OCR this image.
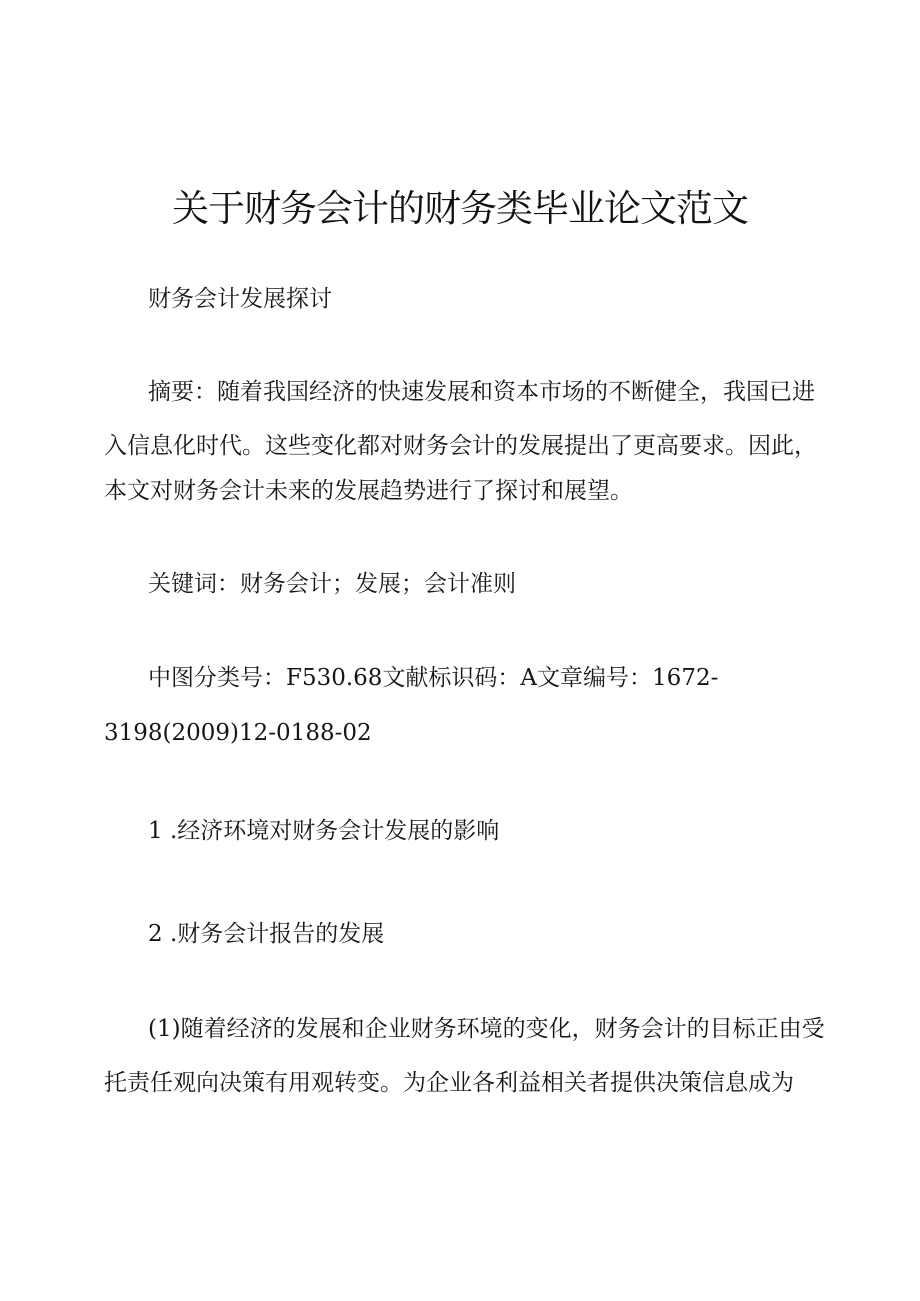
关于财务会计的财务类毕业论文范文
财务会计发展探讨
摘要：随着我国经济的快速发展和资本市场的不断健全，我国已进
入信息化时代。这些变化都对财务会计的发展提出了更高要求。因此，
本文对财务会计未来的发展趋势进行了探讨和展望。
关键词：财务会计；发展；会计准则
中图分类号：F530.68文献标识码：A文章编号：1672-
3198(2009)12-0188-02
1 .经济环境对财务会计发展的影响
2 .财务会计报告的发展
(1)随着经济的发展和企业财务环境的变化，财务会计的目标正由受
托责任观向决策有用观转变。为企业各利益相关者提供决策信息成为
